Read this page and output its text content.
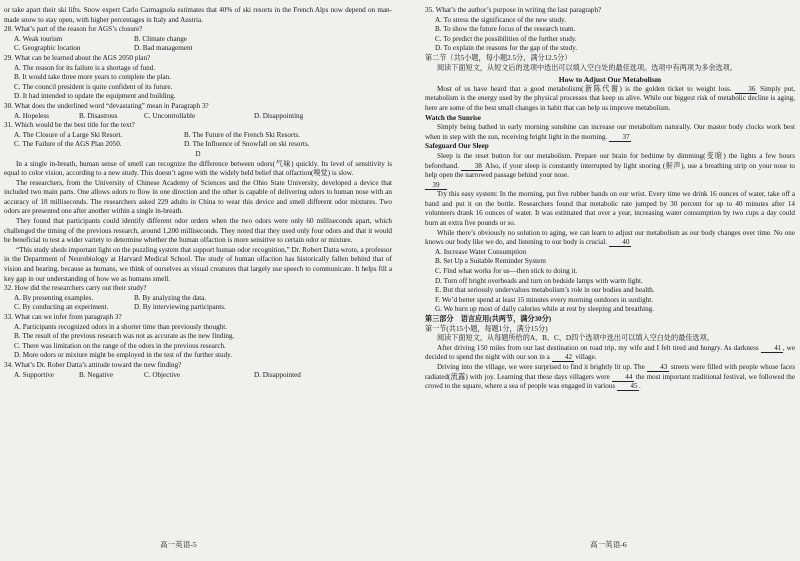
or take apart their ski lifts. Snow expert Carlo Carmagnola estimates that 40% of ski resorts in the French Alps now depend on man-made snow to stay open, with higher percentages in Italy and Austria.

28. What’s part of the reason for AGS’s closure?

A. Weak tourism	B. Climate change
C. Geographic location	D. Bad management

29. What can be learned about the AGS 2050 plan?

A. The reason for its failure is a shortage of fund.

B. It would take three more years to complete the plan.

C. The council president is quite confident of its future.

D. It had intended to update the equipment and building.

30. What does the underlined word “devastating” mean in Paragraph 3?

A. Hopeless	B. Disastrous	C. Uncontrollable	D. Disappointing

31. Which would be the best title for the text?

A. The Closure of a Large Ski Resort.	B. The Future of the French Ski Resorts.
C. The Failure of the AGS Plan 2050.	D. The Influence of Snowfall on ski resorts.

D

In a single in-breath, human sense of smell can recognize the difference between odors(气味) quickly. Its level of sensitivity is equal to color vision, according to a new study. This doesn’t agree with the widely held belief that olfaction(嗅觉) is slow.

The researchers, from the University of Chinese Academy of Sciences and the Ohio State University, developed a device that included two main parts. One allows odors to flow in one direction and the other is capable of delivering odors to human nose with an accuracy of 18 milliseconds. The researchers asked 229 adults in China to wear this device and smell different odor mixtures. Two odors are presented one after another within a single in-breath.

They found that participants could identify different odor orders when the two odors were only 60 milliseconds apart, which challenged the timing of the previous research, around 1,200 milliseconds. They noted that they used only four odors and that it would be beneficial to test a wider variety to determine whether the human olfaction is more sensitive to certain odor or mixture.

“This study sheds important light on the puzzling system that support human odor recognition,” Dr. Robert Datta wrote, a professor in the Department of Neurobiology at Harvard Medical School. The study of human olfaction has historically fallen behind that of vision and hearing, because as humans, we think of ourselves as visual creatures that largely use speech to communicate. It helps fill a key gap in our understanding of how we as humans smell.

32. How did the researchers carry out their study?

A. By presenting examples.	B. By analyzing the data.
C. By conducting an experiment.	D. By interviewing participants.

33. What can we infer from paragraph 3?

A. Participants recognized odors in a shorter time than previously thought.

B. The result of the previous research was not as accurate as the new finding.

C. There was limitation on the range of the odors in the previous research.

D. More odors or mixture might be employed in the test of the further study.

34. What’s Dr. Rober Datta’s attitude toward the new finding?

A. Supportive	B. Negative	C. Objective	D. Disappointed
高一英语-5

35. What’s the author’s purpose in writing the last paragraph?

A. To stress the significance of the new study.

B. To show the future focus of the research team.

C. To predict the possibilities of the further study.

D. To explain the reasons for the gap of the study.

第二节（共5小题，每小题2.5分，满分12.5分）

阅读下面短文，从短文后的选项中选出可以填入空白处的最佳选项。选项中有两项为多余选项。

How to Adjust Our Metabolism

Most of us have heard that a good metabolism(新陈代谢) is the golden ticket to weight loss. 36 Simply put, metabolism is the energy used by the physical processes that keep us alive. While our biggest risk of metabolic decline is aging, here are some of the best small changes in habit that can help us improve metabolism.

Watch the Sunrise

Simply being bathed in early morning sunshine can increase our metabolism naturally. Our master body clocks work best when in step with the sun, receiving bright light in the morning. 37

Safeguard Our Sleep

Sleep is the reset button for our metabolism. Prepare our brain for bedtime by dimming(变暗) the lights a few hours beforehand. 38 Also, if your sleep is constantly interrupted by light snoring (鼾声), use a breathing strip on your nose to help open the narrowed passage behind your nose.

39

Try this easy system: In the morning, put five rubber bands on our wrist. Every time we drink 16 ounces of water, take off a band and put it on the bottle. Researchers found that metabolic rate jumped by 30 percent for up to 40 minutes after 14 volunteers drank 16 ounces of water. It was estimated that over a year, increasing water consumption by two cups a day could burn an extra five pounds or so.

While there’s obviously no solution to aging, we can learn to adjust our metabolism as our body changes over time. No one knows our body like we do, and listening to our body is crucial. 40

A. Increase Water Consumption

B. Set Up a Suitable Reminder System

C. Find what works for us—then stick to doing it.

D. Turn off bright overheads and turn on bedside lamps with warm light.

E. But that seriously undervalues metabolism’s role in our bodies and health.

F. We’d better spend at least 15 minutes every morning outdoors in sunlight.

G. We burn up most of daily calories while at rest by sleeping and breathing.

第三部分　语言应用(共两节，满分30分)

第一节(共15小题，每题1分，满分15分)

阅读下面短文，从每题所给的A、B、C、D四个选项中选出可以填入空白处的最佳选项。

After driving 150 miles from our last destination on road trip, my wife and I felt tired and hungry. As darkness 41, we decided to spend the night with our son in a 42 village.

Driving into the village, we were surprised to find it brightly lit up. The 43 streets were filled with people whose faces radiated(流露) with joy. Learning that these days villagers were 44 the most important traditional festival, we followed the crowd to the square, where a sea of people was engaged in various 45.

高一英语-6
